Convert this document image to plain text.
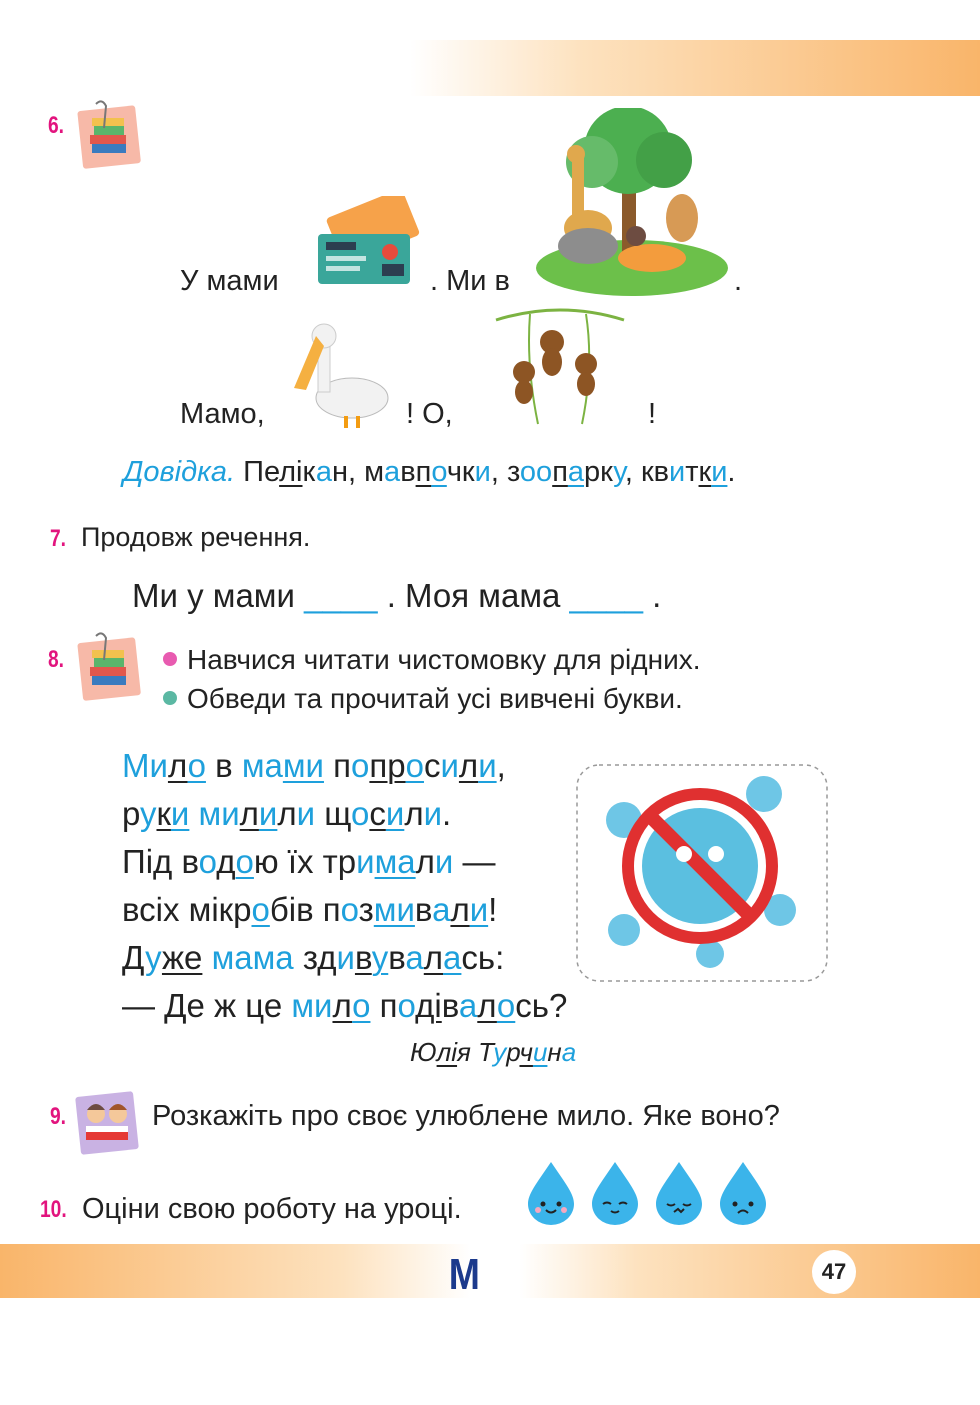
6.
У мами	. Ми в	.
Мамо,	! О,	!
Довідка. Пелікан, мавпочки, зоопарку, квитки.
7. Продовж речення.
Ми у мами ____ . Моя мама ____ .
8.	Навчися читати чистомовку для рідних.
Обведи та прочитай усі вивчені букви.
Мило в мами попросили,
руки милили щосили.
Під водою їх тримали —
всіх мікробів позмивали!
Дуже мама здивувалась:
— Де ж це мило подівалось?
Юлія Турчина
9.	Розкажіть про своє улюблене мило. Яке воно?
10. Оціни свою роботу на уроці.
M	47
